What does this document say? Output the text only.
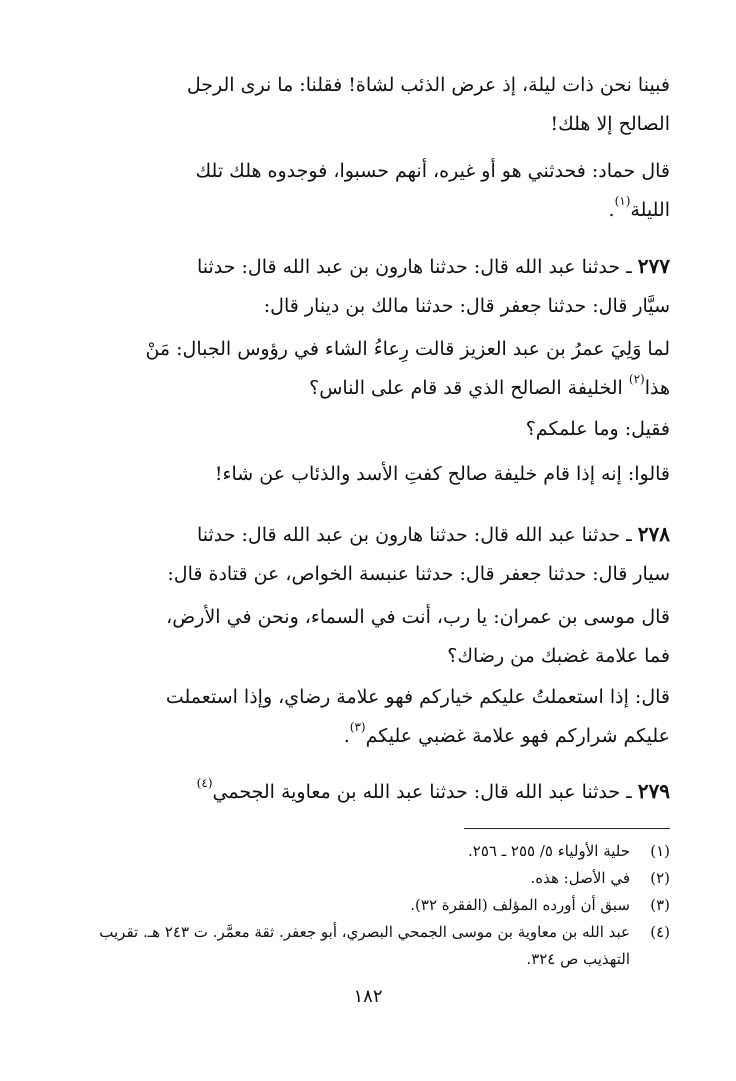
فبينا نحن ذات ليلة، إذ عرض الذئب لشاة! فقلنا: ما نرى الرجل

الصالح إلا هلك!

قال حماد: فحدثني هو أو غيره، أنهم حسبوا، فوجدوه هلك تلك

الليلة$^{(١)}$.

٢٧٧ ـ حدثنا عبد الله قال: حدثنا هارون بن عبد الله قال: حدثنا

سيَّار قال: حدثنا جعفر قال: حدثنا مالك بن دينار قال:

لما وَلِيَ عمرُ بن عبد العزيز قالت رِعاءُ الشاء في رؤوس الجبال: مَنْ

هذا$^{(٢)}$ الخليفة الصالح الذي قد قام على الناس؟

فقيل: وما علمكم؟

قالوا: إنه إذا قام خليفة صالح كفتِ الأسد والذئاب عن شاء!

٢٧٨ ـ حدثنا عبد الله قال: حدثنا هارون بن عبد الله قال: حدثنا

سيار قال: حدثنا جعفر قال: حدثنا عنبسة الخواص، عن قتادة قال:

قال موسى بن عمران: يا رب، أنت في السماء، ونحن في الأرض،

فما علامة غضبك من رضاك؟

قال: إذا استعملتُ عليكم خياركم فهو علامة رضاي، وإذا استعملت

عليكم شراركم فهو علامة غضبي عليكم$^{(٣)}$.

٢٧٩ ـ حدثنا عبد الله قال: حدثنا عبد الله بن معاوية الجحمي$^{(٤)}$

(١)
حلية الأولياء ٥/ ٢٥٥ ـ ٢٥٦.
(٢)
في الأصل: هذه.
(٣)
سبق أن أورده المؤلف (الفقرة ٣٢).
(٤)
عبد الله بن معاوية بن موسى الجمحي البصري، أبو جعفر. ثقة معمَّر. ت ٢٤٣ هـ. تقريب التهذيب ص ٣٢٤.
١٨٢
